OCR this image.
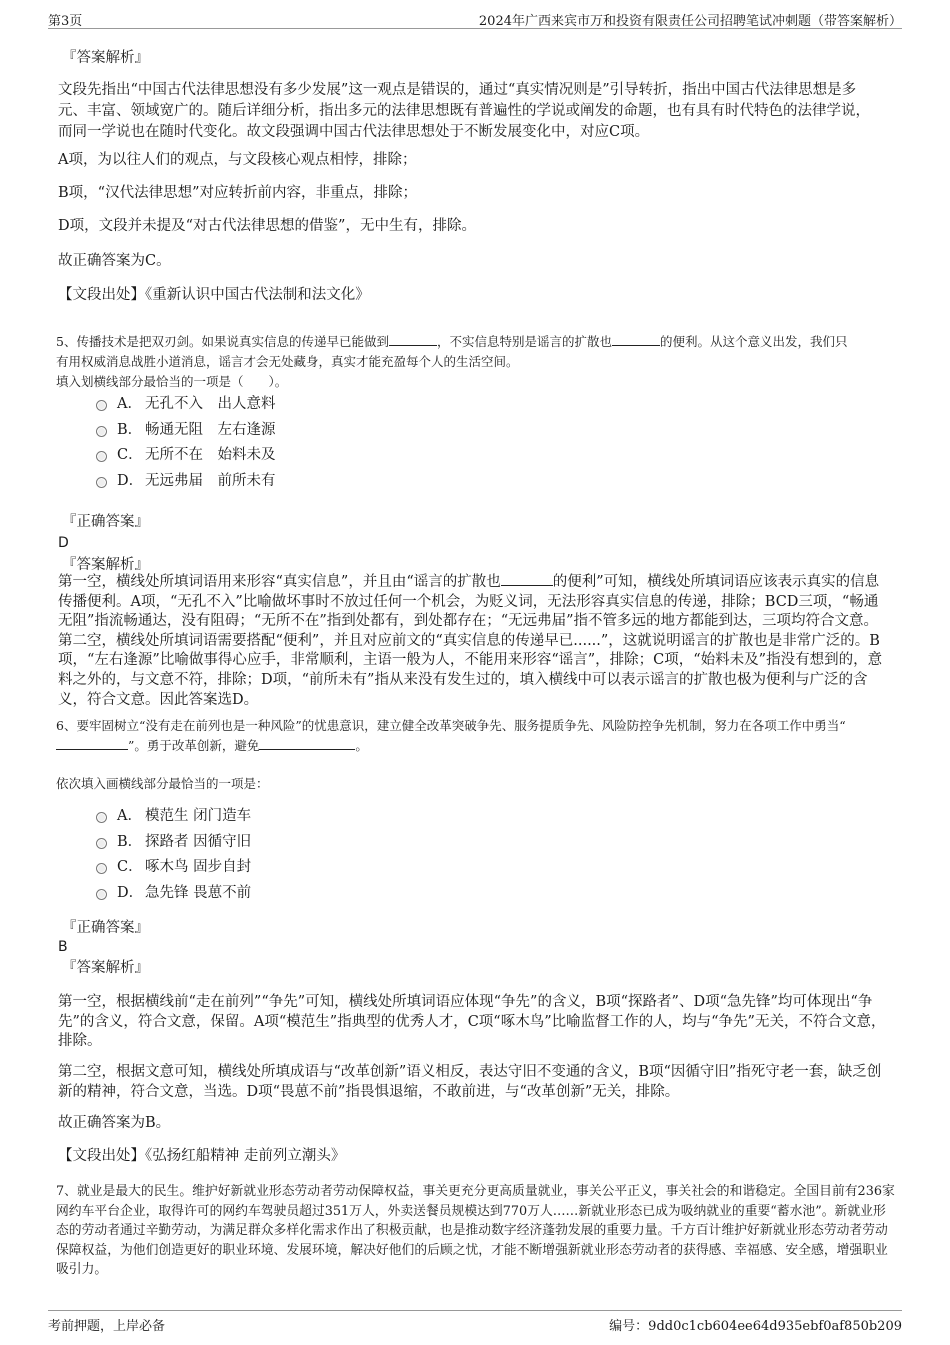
第3页	2024年广西来宾市万和投资有限责任公司招聘笔试冲刺题（带答案解析）

『答案解析』

文段先指出“中国古代法律思想没有多少发展”这一观点是错误的，通过“真实情况则是”引导转折，指出中国古代法律思想是多元、丰富、领域宽广的。随后详细分析，指出多元的法律思想既有普遍性的学说或阐发的命题，也有具有时代特色的法律学说，而同一学说也在随时代变化。故文段强调中国古代法律思想处于不断发展变化中，对应C项。

A项，为以往人们的观点，与文段核心观点相悖，排除；

B项，“汉代法律思想”对应转折前内容，非重点，排除；

D项，文段并未提及“对古代法律思想的借鉴”，无中生有，排除。

故正确答案为C。

【文段出处】《重新认识中国古代法制和法文化》

5、传播技术是把双刃剑。如果说真实信息的传递早已能做到	，不实信息特别是谣言的扩散也	的便利。从这个意义出发，我们只
有用权威消息战胜小道消息，谣言才会无处藏身，真实才能充盈每个人的生活空间。

填入划横线部分最恰当的一项是（　　）。

A． 无孔不入　出人意料
B． 畅通无阻　左右逢源
C． 无所不在　始料未及
D． 无远弗届　前所未有

『正确答案』

D

『答案解析』

第一空，横线处所填词语用来形容“真实信息”，并且由“谣言的扩散也	的便利”可知，横线处所填词语应该表示真实的信息传播便利。A项，“无孔不入”比喻做坏事时不放过任何一个机会，为贬义词，无法形容真实信息的传递，排除；BCD三项，“畅通无阻”指流畅通达，没有阻碍；“无所不在”指到处都有，到处都存在；“无远弗届”指不管多远的地方都能到达，三项均符合文意。第二空，横线处所填词语需要搭配“便利”，并且对应前文的“真实信息的传递早已......”，这就说明谣言的扩散也是非常广泛的。B项，“左右逢源”比喻做事得心应手，非常顺利，主语一般为人，不能用来形容“谣言”，排除；C项，“始料未及”指没有想到的，意料之外的，与文意不符，排除；D项，“前所未有”指从来没有发生过的，填入横线中可以表示谣言的扩散也极为便利与广泛的含义，符合文意。因此答案选D。

6、要牢固树立“没有走在前列也是一种风险”的忧患意识，建立健全改革突破争先、服务提质争先、风险防控争先机制，努力在各项工作中勇当“”。勇于改革创新，避免	。

依次填入画横线部分最恰当的一项是：

A． 模范生 闭门造车
B． 探路者 因循守旧
C． 啄木鸟 固步自封
D． 急先锋 畏葸不前

『正确答案』

B

『答案解析』

第一空，根据横线前“走在前列”“争先”可知，横线处所填词语应体现“争先”的含义，B项“探路者”、D项“急先锋”均可体现出“争先”的含义，符合文意，保留。A项“模范生”指典型的优秀人才，C项“啄木鸟”比喻监督工作的人，均与“争先”无关，不符合文意，排除。

第二空，根据文意可知，横线处所填成语与“改革创新”语义相反，表达守旧不变通的含义，B项“因循守旧”指死守老一套，缺乏创新的精神，符合文意，当选。D项“畏葸不前”指畏惧退缩，不敢前进，与“改革创新”无关，排除。

故正确答案为B。

【文段出处】《弘扬红船精神 走前列立潮头》

7、就业是最大的民生。维护好新就业形态劳动者劳动保障权益，事关更充分更高质量就业，事关公平正义，事关社会的和谐稳定。全国目前有236家网约车平台企业，取得许可的网约车驾驶员超过351万人，外卖送餐员规模达到770万人……新就业形态已成为吸纳就业的重要“蓄水池”。新就业形态的劳动者通过辛勤劳动，为满足群众多样化需求作出了积极贡献，也是推动数字经济蓬勃发展的重要力量。千方百计维护好新就业形态劳动者劳动保障权益，为他们创造更好的职业环境、发展环境，解决好他们的后顾之忧，才能不断增强新就业形态劳动者的获得感、幸福感、安全感，增强职业吸引力。

考前押题，上岸必备	编号：9dd0c1cb604ee64d935ebf0af850b209
